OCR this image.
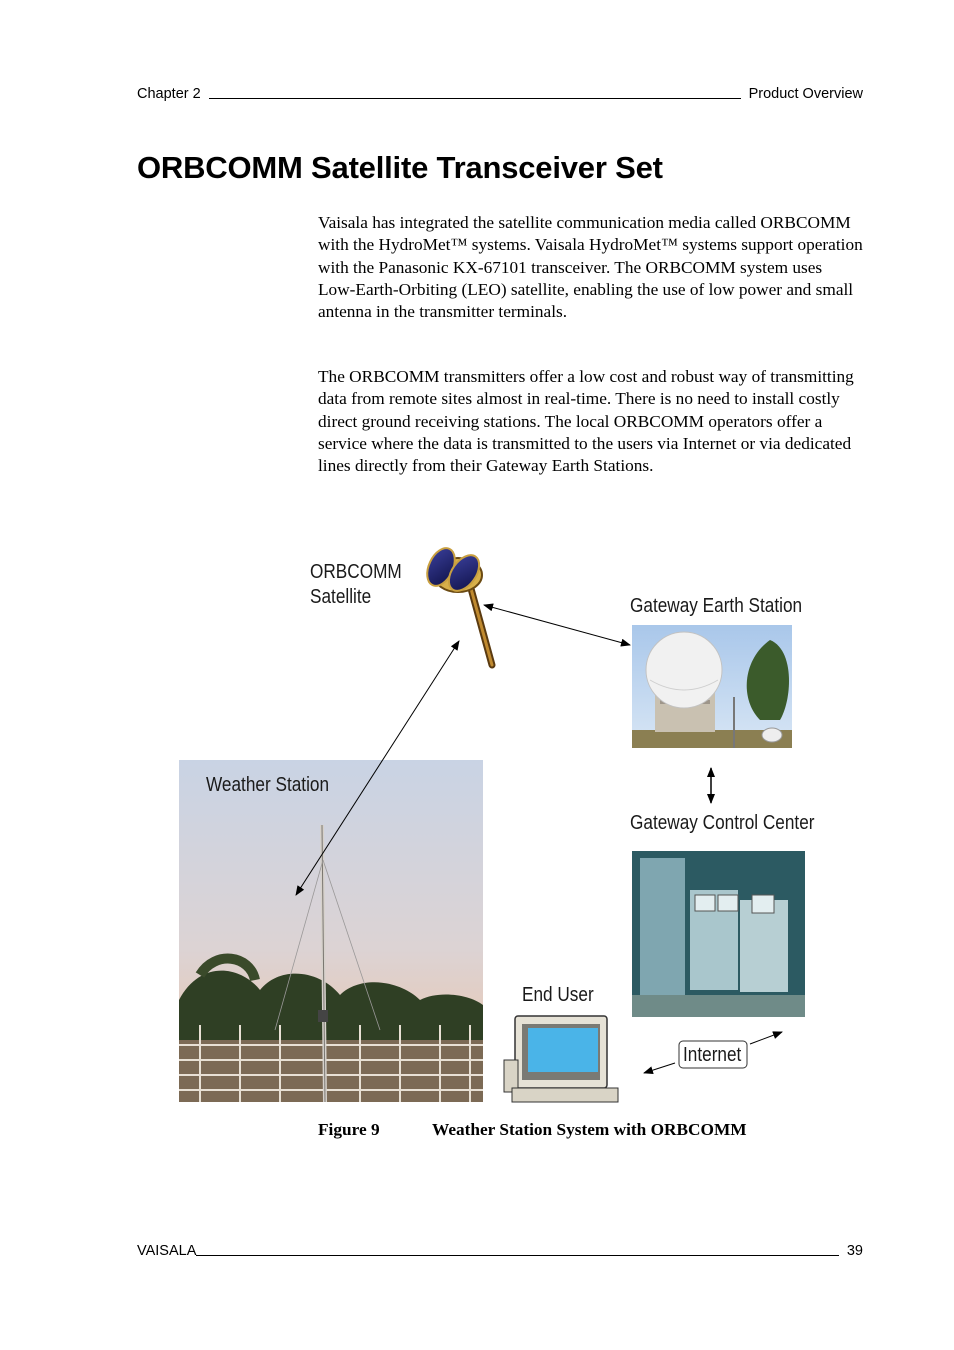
Chapter 2	Product Overview
ORBCOMM Satellite Transceiver Set

Vaisala has integrated the satellite communication media called ORBCOMM with the HydroMet™ systems. Vaisala HydroMet™ systems support operation with the Panasonic KX-67101 transceiver. The ORBCOMM system uses Low-Earth-Orbiting (LEO) satellite, enabling the use of low power and small antenna in the transmitter terminals.

The ORBCOMM transmitters offer a low cost and robust way of transmitting data from remote sites almost in real-time. There is no need to install costly direct ground receiving stations. The local ORBCOMM operators offer a service where the data is transmitted to the users via Internet or via dedicated lines directly from their Gateway Earth Stations.

ORBCOMM
Satellite	Gateway Earth Station
Gateway Control Center
Weather Station
End User
Internet
Figure 9	Weather Station System with ORBCOMM
VAISALA	39
